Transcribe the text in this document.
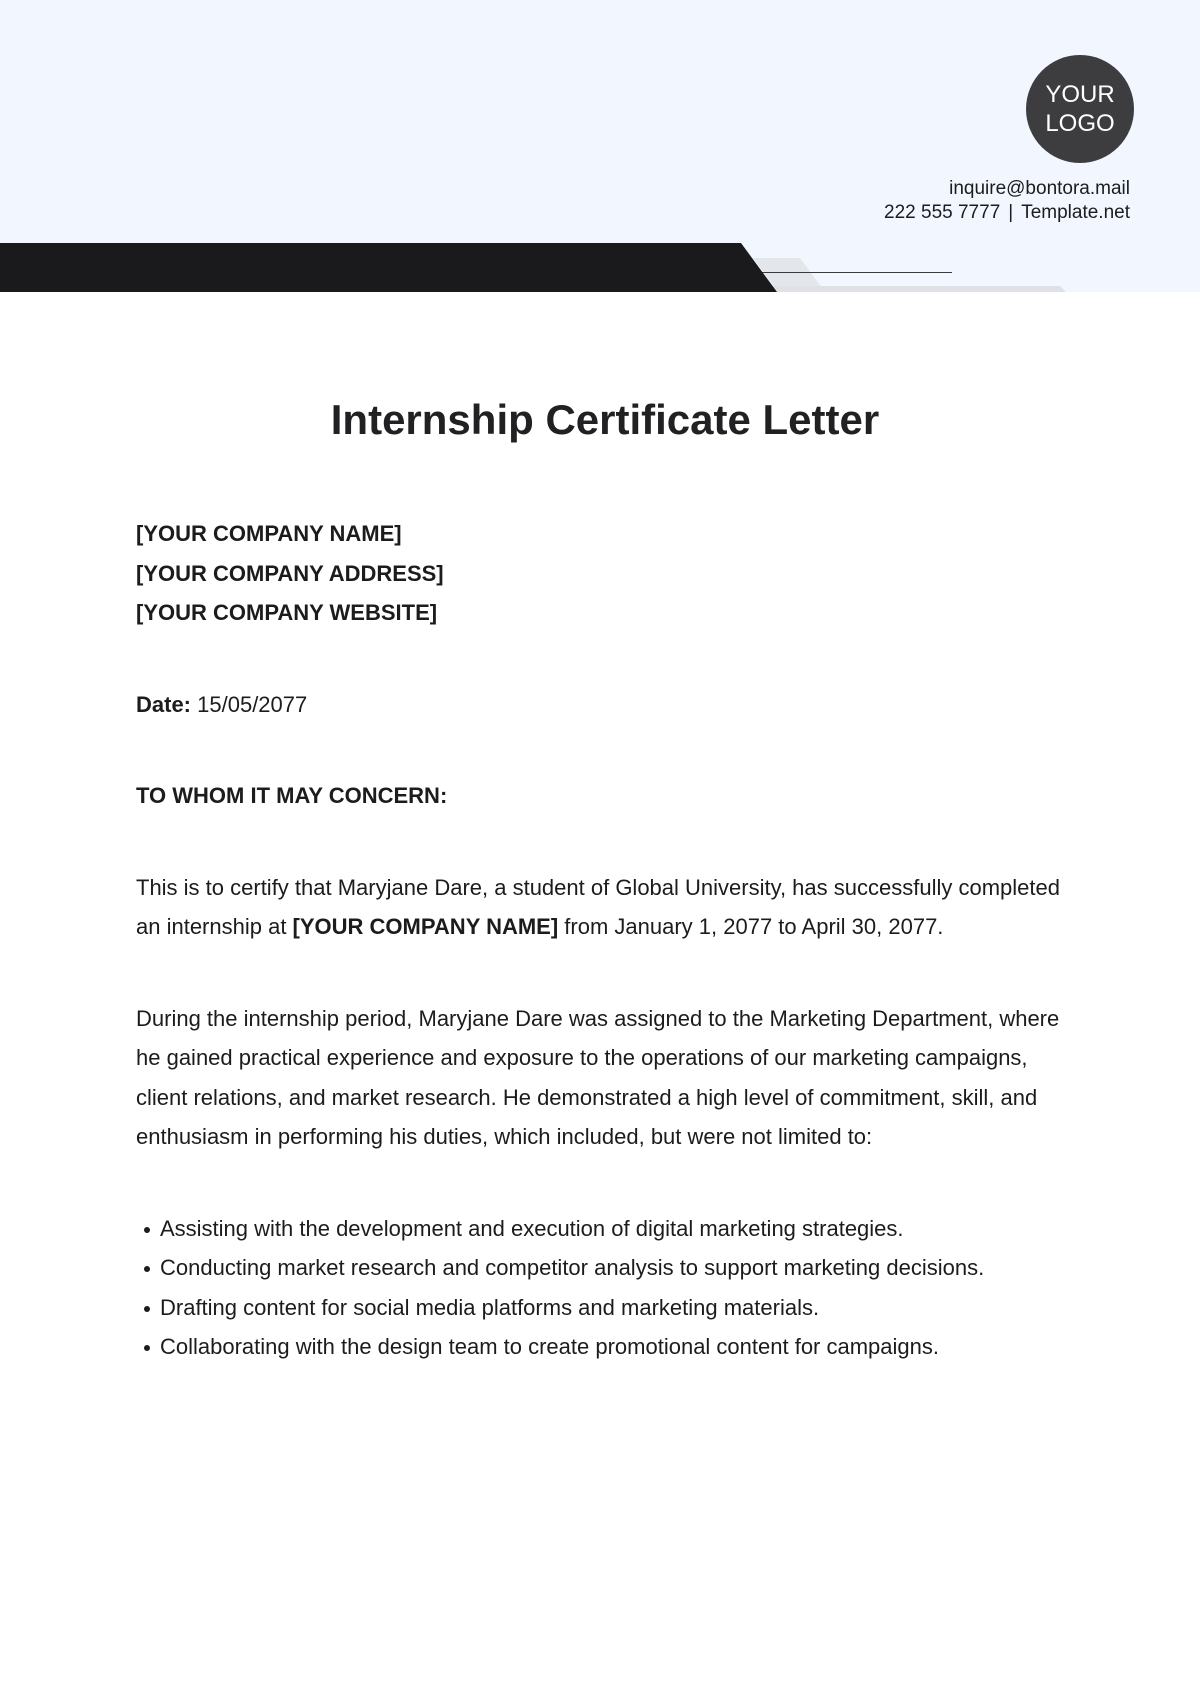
YOUR
LOGO
inquire@bontora.mail
222 555 7777 | Template.net
Internship Certificate Letter
[YOUR COMPANY NAME]
[YOUR COMPANY ADDRESS]
[YOUR COMPANY WEBSITE]
Date: 15/05/2077
TO WHOM IT MAY CONCERN:
This is to certify that Maryjane Dare, a student of Global University, has successfully completed an internship at [YOUR COMPANY NAME] from January 1, 2077 to April 30, 2077.
During the internship period, Maryjane Dare was assigned to the Marketing Department, where he gained practical experience and exposure to the operations of our marketing campaigns, client relations, and market research. He demonstrated a high level of commitment, skill, and enthusiasm in performing his duties, which included, but were not limited to:
Assisting with the development and execution of digital marketing strategies.
Conducting market research and competitor analysis to support marketing decisions.
Drafting content for social media platforms and marketing materials.
Collaborating with the design team to create promotional content for campaigns.
